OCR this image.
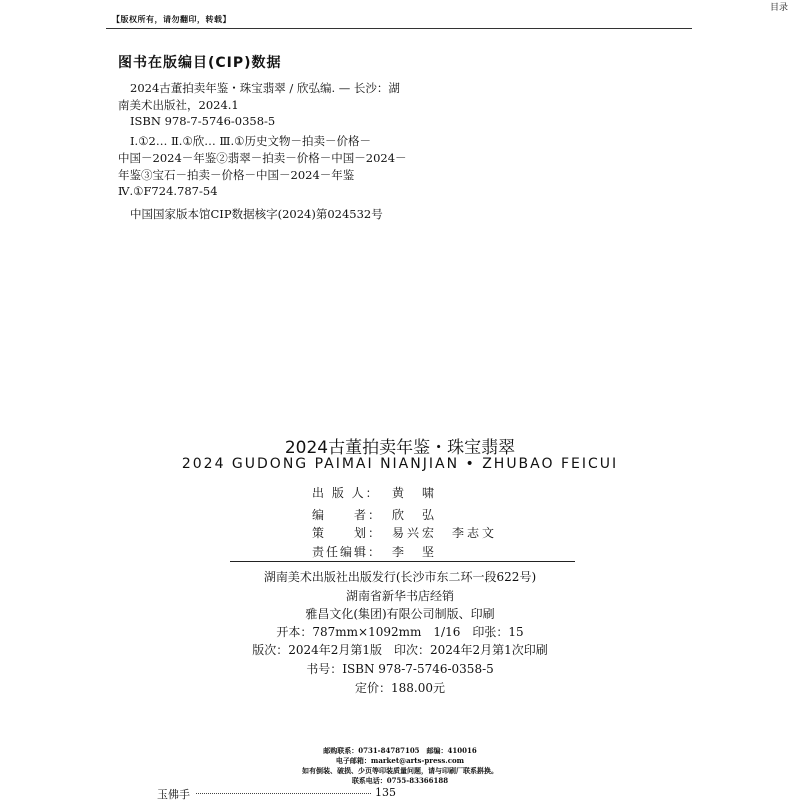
【版权所有，请勿翻印，转载】
目录
图书在版编目(CIP)数据
2024古董拍卖年鉴・珠宝翡翠 / 欣弘编. — 长沙：湖
南美术出版社，2024.1
ISBN 978-7-5746-0358-5
Ⅰ.①2… Ⅱ.①欣… Ⅲ.①历史文物－拍卖－价格－
中国－2024－年鉴②翡翠－拍卖－价格－中国－2024－
年鉴③宝石－拍卖－价格－中国－2024－年鉴
Ⅳ.①F724.787-54
中国国家版本馆CIP数据核字(2024)第024532号
2024古董拍卖年鉴・珠宝翡翠
2024 GUDONG PAIMAI NIANJIAN • ZHUBAO FEICUI
出 版 人： 黄　啸
编　　者： 欣　弘
策　　划： 易兴宏　李志文
责任编辑： 李　坚
湖南美术出版社出版发行(长沙市东二环一段622号)
湖南省新华书店经销
雅昌文化(集团)有限公司制版、印刷
开本：787mm×1092mm　1/16　印张：15
版次：2024年2月第1版　印次：2024年2月第1次印刷
书号：ISBN 978-7-5746-0358-5
定价：188.00元
邮购联系：0731-84787105　邮编：410016
电子邮箱：market@arts-press.com
如有倒装、破损、少页等印装质量问题，请与印刷厂联系斟换。
联系电话：0755-83366188
玉佛手	135
